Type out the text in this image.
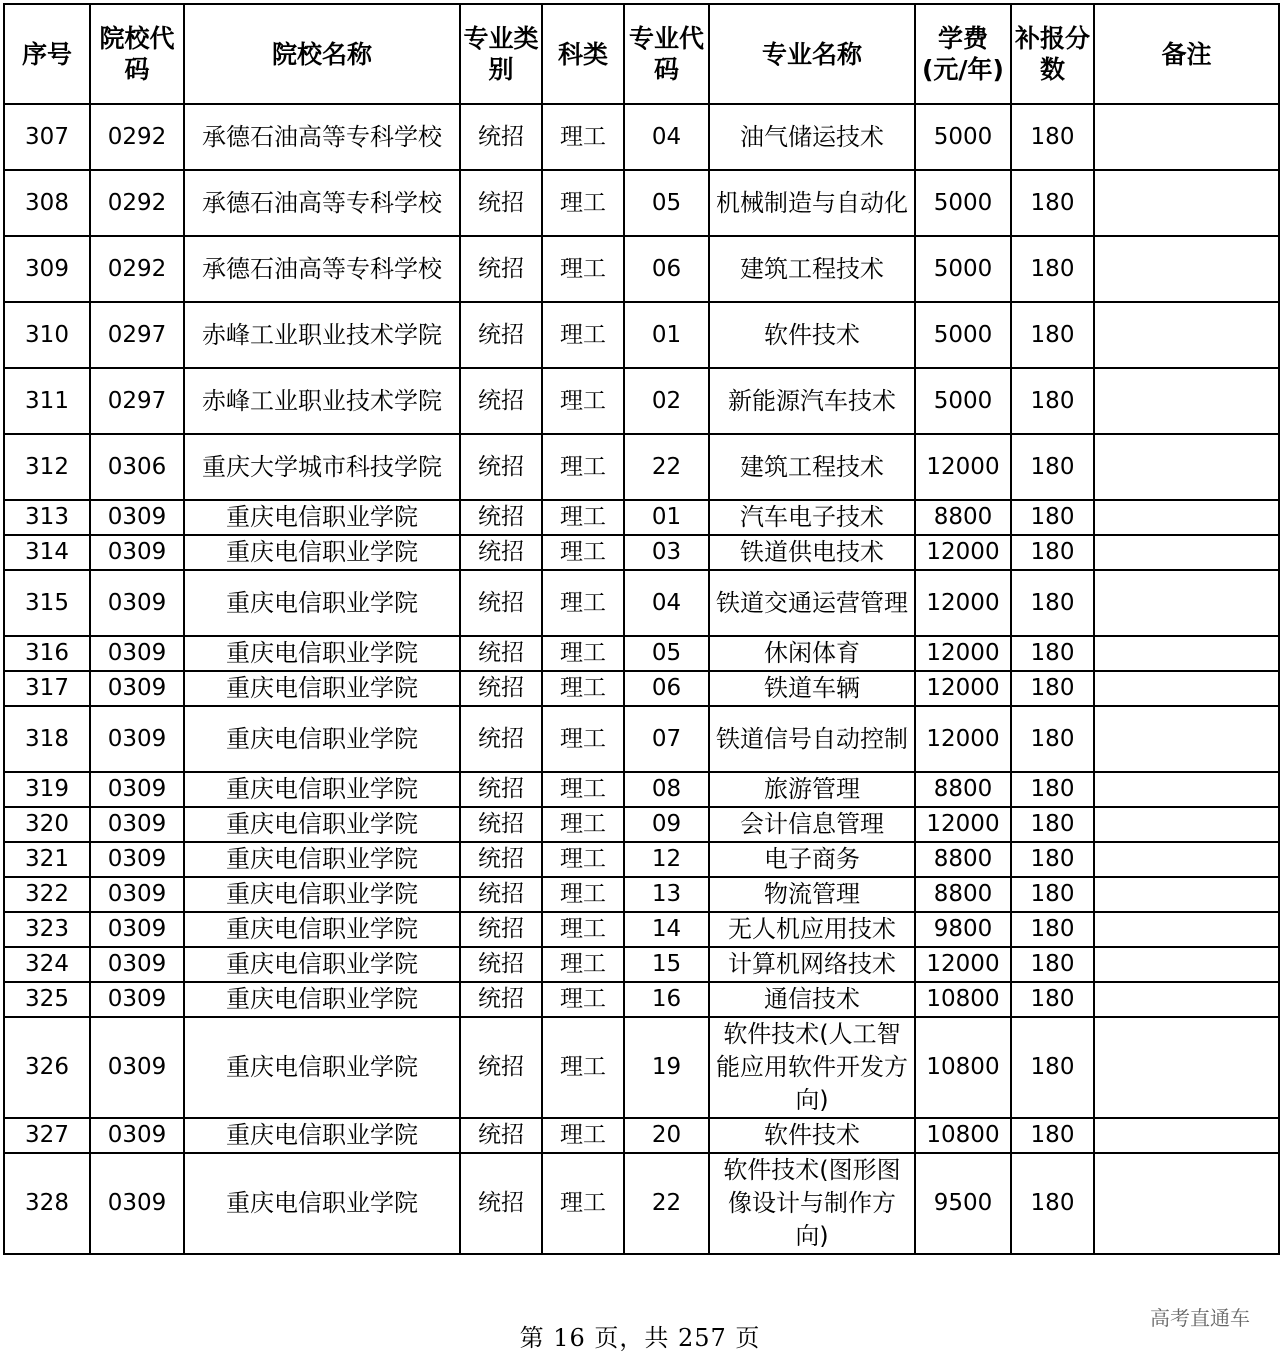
序号	院校代码	院校名称	专业类别	科类	专业代码	专业名称	学费(元/年)	补报分数	备注
307	0292	承德石油高等专科学校	统招	理工	04	油气储运技术	5000	180	
308	0292	承德石油高等专科学校	统招	理工	05	机械制造与自动化	5000	180	
309	0292	承德石油高等专科学校	统招	理工	06	建筑工程技术	5000	180	
310	0297	赤峰工业职业技术学院	统招	理工	01	软件技术	5000	180	
311	0297	赤峰工业职业技术学院	统招	理工	02	新能源汽车技术	5000	180	
312	0306	重庆大学城市科技学院	统招	理工	22	建筑工程技术	12000	180	
313	0309	重庆电信职业学院	统招	理工	01	汽车电子技术	8800	180	
314	0309	重庆电信职业学院	统招	理工	03	铁道供电技术	12000	180	
315	0309	重庆电信职业学院	统招	理工	04	铁道交通运营管理	12000	180	
316	0309	重庆电信职业学院	统招	理工	05	休闲体育	12000	180	
317	0309	重庆电信职业学院	统招	理工	06	铁道车辆	12000	180	
318	0309	重庆电信职业学院	统招	理工	07	铁道信号自动控制	12000	180	
319	0309	重庆电信职业学院	统招	理工	08	旅游管理	8800	180	
320	0309	重庆电信职业学院	统招	理工	09	会计信息管理	12000	180	
321	0309	重庆电信职业学院	统招	理工	12	电子商务	8800	180	
322	0309	重庆电信职业学院	统招	理工	13	物流管理	8800	180	
323	0309	重庆电信职业学院	统招	理工	14	无人机应用技术	9800	180	
324	0309	重庆电信职业学院	统招	理工	15	计算机网络技术	12000	180	
325	0309	重庆电信职业学院	统招	理工	16	通信技术	10800	180	
326	0309	重庆电信职业学院	统招	理工	19	软件技术(人工智能应用软件开发方向)	10800	180	
327	0309	重庆电信职业学院	统招	理工	20	软件技术	10800	180	
328	0309	重庆电信职业学院	统招	理工	22	软件技术(图形图像设计与制作方向)	9500	180	
第 16 页，共 257 页
高考直通车
